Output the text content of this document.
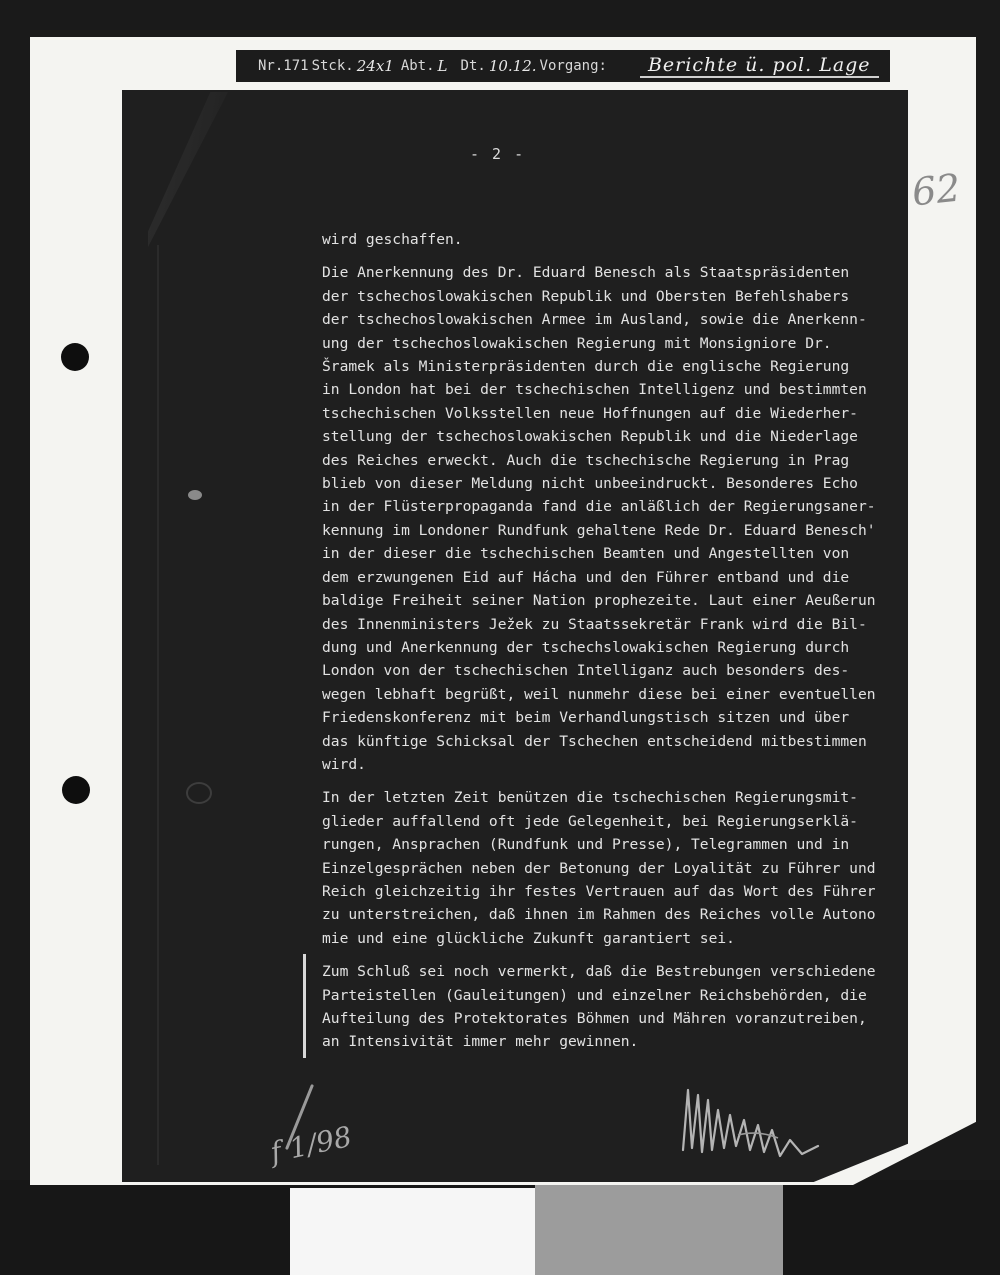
Nr.171 Stck. 24x1 Abt. L Dt. 10.12. Vorgang:	Berichte ü. pol. Lage
- 2 -
62
wird geschaffen.
Die Anerkennung des Dr. Eduard Benesch als Staatspräsidenten
der tschechoslowakischen Republik und Obersten Befehlshabers
der tschechoslowakischen Armee im Ausland, sowie die Anerkenn-
ung der tschechoslowakischen Regierung mit Monsigniore Dr.
Šramek als Ministerpräsidenten durch die englische Regierung
in London hat bei der tschechischen Intelligenz und bestimmten
tschechischen Volksstellen neue Hoffnungen auf die Wiederher-
stellung der tschechoslowakischen Republik und die Niederlage
des Reiches erweckt. Auch die tschechische Regierung in Prag
blieb von dieser Meldung nicht unbeeindruckt. Besonderes Echo
in der Flüsterpropaganda fand die anläßlich der Regierungsaner-
kennung im Londoner Rundfunk gehaltene Rede Dr. Eduard Benesch'
in der dieser die tschechischen Beamten und Angestellten von
dem erzwungenen Eid auf Hácha und den Führer entband und die
baldige Freiheit seiner Nation prophezeite. Laut einer Aeußerun
des Innenministers Ježek zu Staatssekretär Frank wird die Bil-
dung und Anerkennung der tschechslowakischen Regierung durch
London von der tschechischen Intelliganz auch besonders des-
wegen lebhaft begrüßt, weil nunmehr diese bei einer eventuellen
Friedenskonferenz mit beim Verhandlungstisch sitzen und über
das künftige Schicksal der Tschechen entscheidend mitbestimmen
wird.
In der letzten Zeit benützen die tschechischen Regierungsmit-
glieder auffallend oft jede Gelegenheit, bei Regierungserklä-
rungen, Ansprachen (Rundfunk und Presse), Telegrammen und in
Einzelgesprächen neben der Betonung der Loyalität zu Führer und
Reich gleichzeitig ihr festes Vertrauen auf das Wort des Führer
zu unterstreichen, daß ihnen im Rahmen des Reiches volle Autono
mie und eine glückliche Zukunft garantiert sei.
Zum Schluß sei noch vermerkt, daß die Bestrebungen verschiedene
Parteistellen (Gauleitungen) und einzelner Reichsbehörden, die
Aufteilung des Protektorates Böhmen und Mähren voranzutreiben,
an Intensivität immer mehr gewinnen.
f 1/98
